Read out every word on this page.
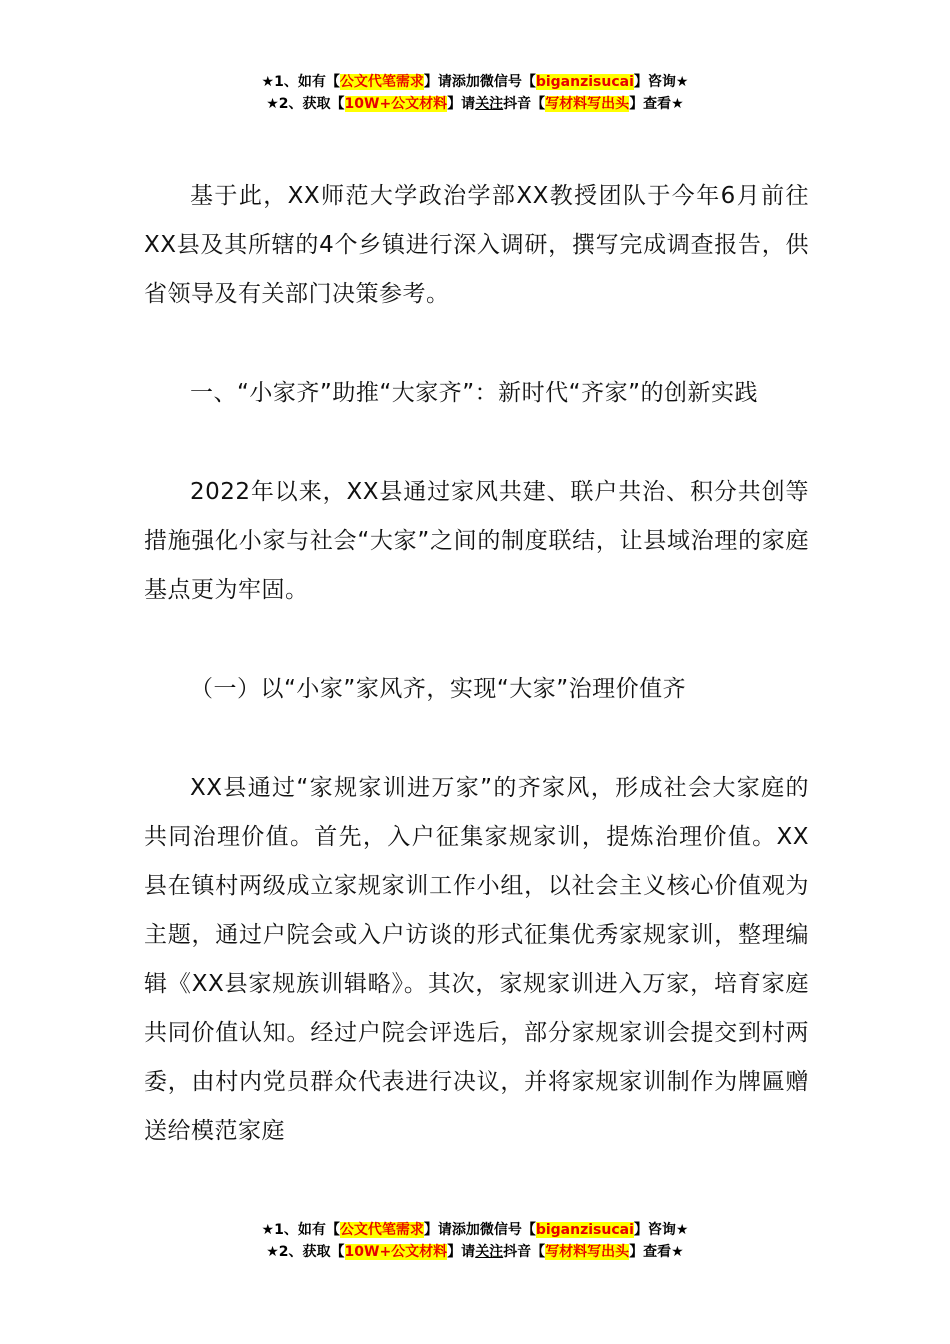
★1、如有【公文代笔需求】请添加微信号【biganzisucai】咨询★
★2、获取【10W+公文材料】请关注抖音【写材料写出头】查看★

基于此，XX师范大学政治学部XX教授团队于今年6月前往XX县及其所辖的4个乡镇进行深入调研，撰写完成调查报告，供省领导及有关部门决策参考。

一、“小家齐”助推“大家齐”：新时代“齐家”的创新实践

2022年以来，XX县通过家风共建、联户共治、积分共创等措施强化小家与社会“大家”之间的制度联结，让县域治理的家庭基点更为牢固。

（一）以“小家”家风齐，实现“大家”治理价值齐

XX县通过“家规家训进万家”的齐家风，形成社会大家庭的共同治理价值。首先，入户征集家规家训，提炼治理价值。XX县在镇村两级成立家规家训工作小组，以社会主义核心价值观为主题，通过户院会或入户访谈的形式征集优秀家规家训，整理编辑《XX县家规族训辑略》。其次，家规家训进入万家，培育家庭共同价值认知。经过户院会评选后，部分家规家训会提交到村两委，由村内党员群众代表进行决议，并将家规家训制作为牌匾赠送给模范家庭

★1、如有【公文代笔需求】请添加微信号【biganzisucai】咨询★
★2、获取【10W+公文材料】请关注抖音【写材料写出头】查看★
